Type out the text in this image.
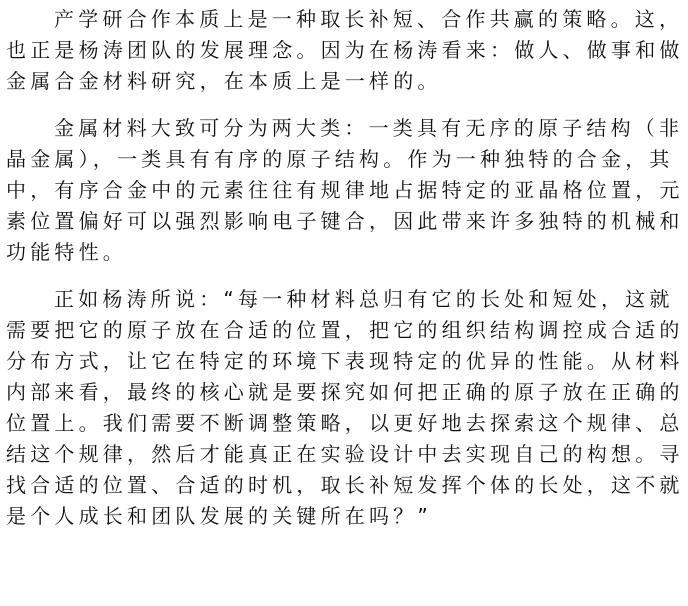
产学研合作本质上是一种取长补短、合作共赢的策略。这，
也正是杨涛团队的发展理念。因为在杨涛看来：做人、做事和做
金属合金材料研究，在本质上是一样的。
金属材料大致可分为两大类：一类具有无序的原子结构（非
晶金属），一类具有有序的原子结构。作为一种独特的合金，其
中，有序合金中的元素往往有规律地占据特定的亚晶格位置，元
素位置偏好可以强烈影响电子键合，因此带来许多独特的机械和
功能特性。
正如杨涛所说：“每一种材料总归有它的长处和短处，这就
需要把它的原子放在合适的位置，把它的组织结构调控成合适的
分布方式，让它在特定的环境下表现特定的优异的性能。从材料
内部来看，最终的核心就是要探究如何把正确的原子放在正确的
位置上。我们需要不断调整策略，以更好地去探索这个规律、总
结这个规律，然后才能真正在实验设计中去实现自己的构想。寻
找合适的位置、合适的时机，取长补短发挥个体的长处，这不就
是个人成长和团队发展的关键所在吗？”
